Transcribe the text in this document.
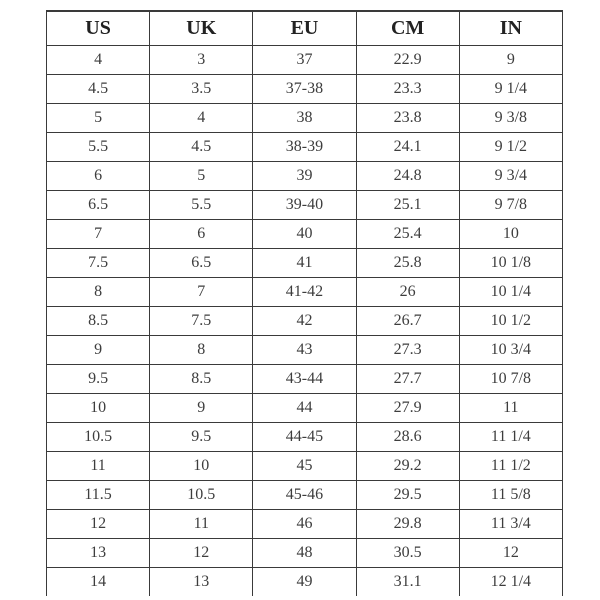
US	UK	EU	CM	IN
4	3	37	22.9	9
4.5	3.5	37-38	23.3	9 1/4
5	4	38	23.8	9 3/8
5.5	4.5	38-39	24.1	9 1/2
6	5	39	24.8	9 3/4
6.5	5.5	39-40	25.1	9 7/8
7	6	40	25.4	10
7.5	6.5	41	25.8	10 1/8
8	7	41-42	26	10 1/4
8.5	7.5	42	26.7	10 1/2
9	8	43	27.3	10 3/4
9.5	8.5	43-44	27.7	10 7/8
10	9	44	27.9	11
10.5	9.5	44-45	28.6	11 1/4
11	10	45	29.2	11 1/2
11.5	10.5	45-46	29.5	11 5/8
12	11	46	29.8	11 3/4
13	12	48	30.5	12
14	13	49	31.1	12 1/4
